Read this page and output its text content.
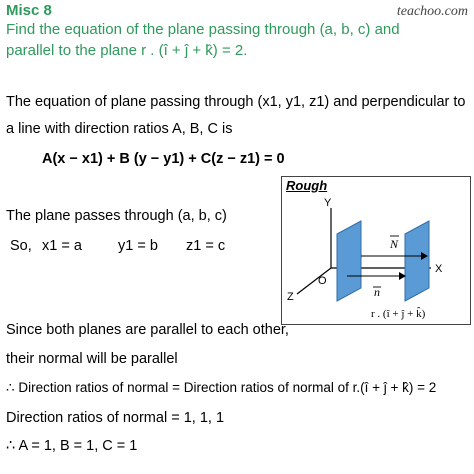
Misc 8
Find the equation of the plane passing through (a, b, c) and
parallel to the plane r . (î + ĵ + k̂) = 2.
teachoo.com
The equation of plane passing through (x1, y1, z1) and perpendicular to
a line with direction ratios A, B, C is
A(x − x1) + B (y − y1) + C(z − z1) = 0
The plane passes through (a, b, c)
So, x1 = a y1 = b z1 = c
Since both planes are parallel to each other,
their normal will be parallel
∴ Direction ratios of normal = Direction ratios of normal of r.(î + ĵ + k̂) = 2
Direction ratios of normal = 1, 1, 1
∴ A = 1, B = 1, C = 1
Rough
Y
X
Z
O
N
n
r . (î + ĵ + k̂)
